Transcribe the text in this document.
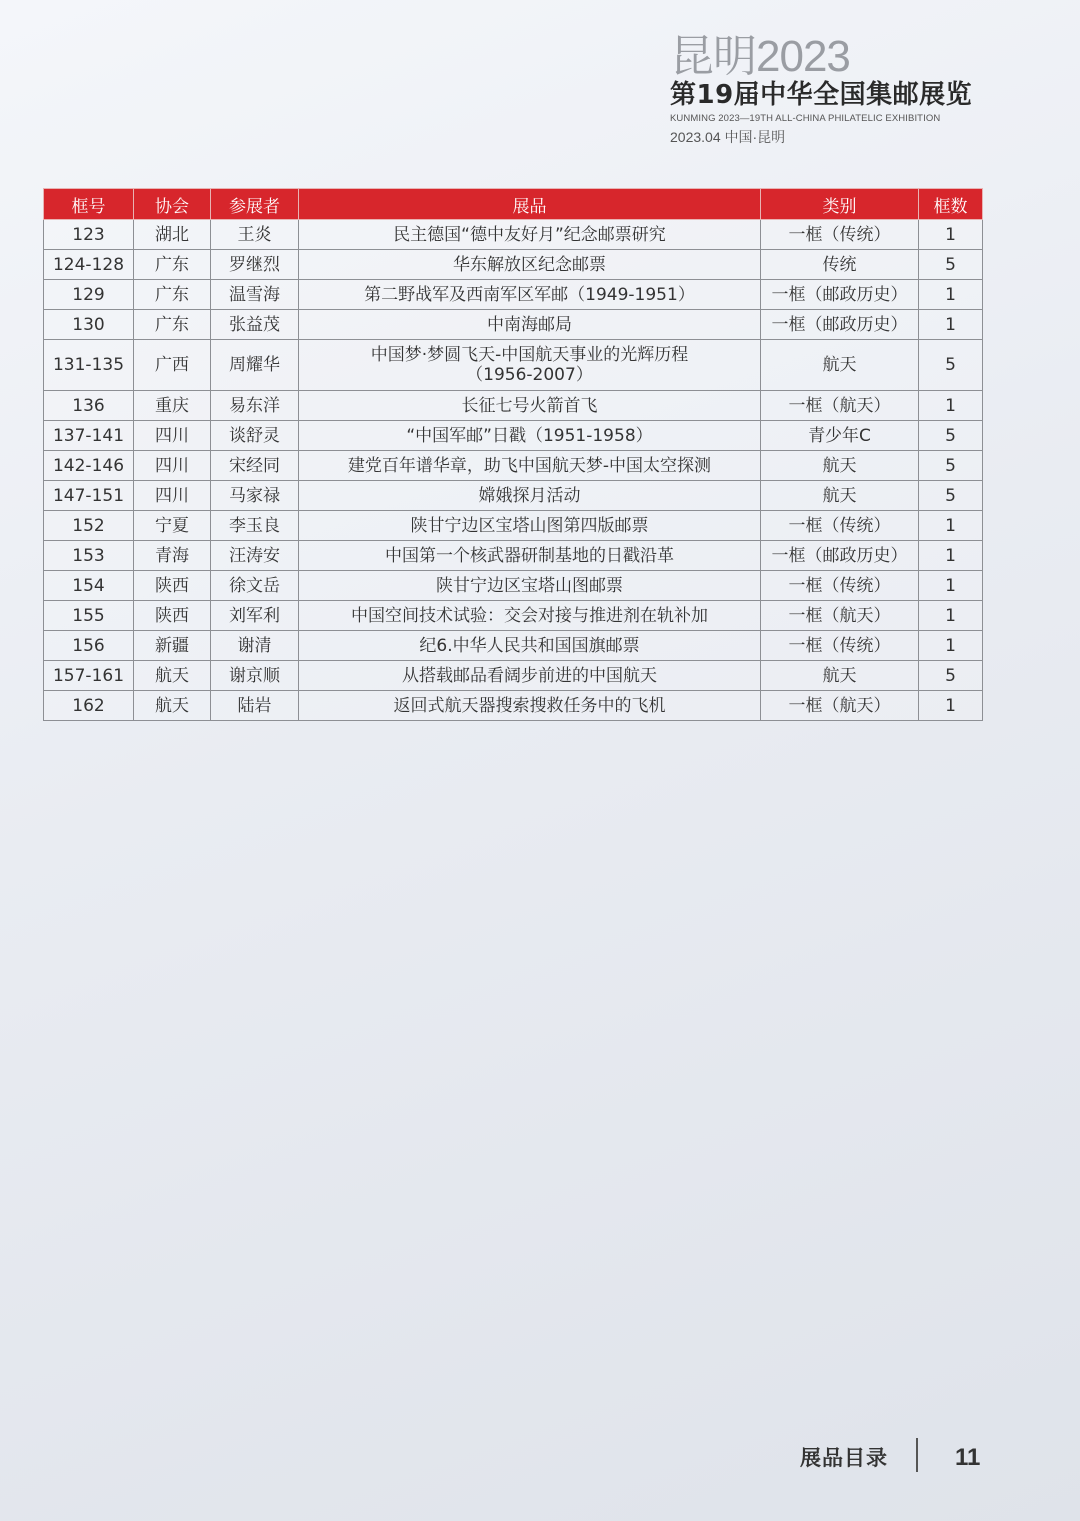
昆明2023
第19届中华全国集邮展览
KUNMING 2023—19TH ALL-CHINA PHILATELIC EXHIBITION
2023.04 中国·昆明
框号	协会	参展者	展品	类别	框数
123	湖北	王炎	民主德国“德中友好月”纪念邮票研究	一框（传统）	1
124-128	广东	罗继烈	华东解放区纪念邮票	传统	5
129	广东	温雪海	第二野战军及西南军区军邮（1949-1951）	一框（邮政历史）	1
130	广东	张益茂	中南海邮局	一框（邮政历史）	1
131-135	广西	周耀华	中国梦·梦圆飞天-中国航天事业的光辉历程
（1956-2007）	航天	5
136	重庆	易东洋	长征七号火箭首飞	一框（航天）	1
137-141	四川	谈舒灵	“中国军邮”日戳（1951-1958）	青少年C	5
142-146	四川	宋经同	建党百年谱华章，助飞中国航天梦-中国太空探测	航天	5
147-151	四川	马家禄	嫦娥探月活动	航天	5
152	宁夏	李玉良	陕甘宁边区宝塔山图第四版邮票	一框（传统）	1
153	青海	汪涛安	中国第一个核武器研制基地的日戳沿革	一框（邮政历史）	1
154	陕西	徐文岳	陕甘宁边区宝塔山图邮票	一框（传统）	1
155	陕西	刘军利	中国空间技术试验：交会对接与推进剂在轨补加	一框（航天）	1
156	新疆	谢清	纪6.中华人民共和国国旗邮票	一框（传统）	1
157-161	航天	谢京顺	从搭载邮品看阔步前进的中国航天	航天	5
162	航天	陆岩	返回式航天器搜索搜救任务中的飞机	一框（航天）	1
展品目录	11
